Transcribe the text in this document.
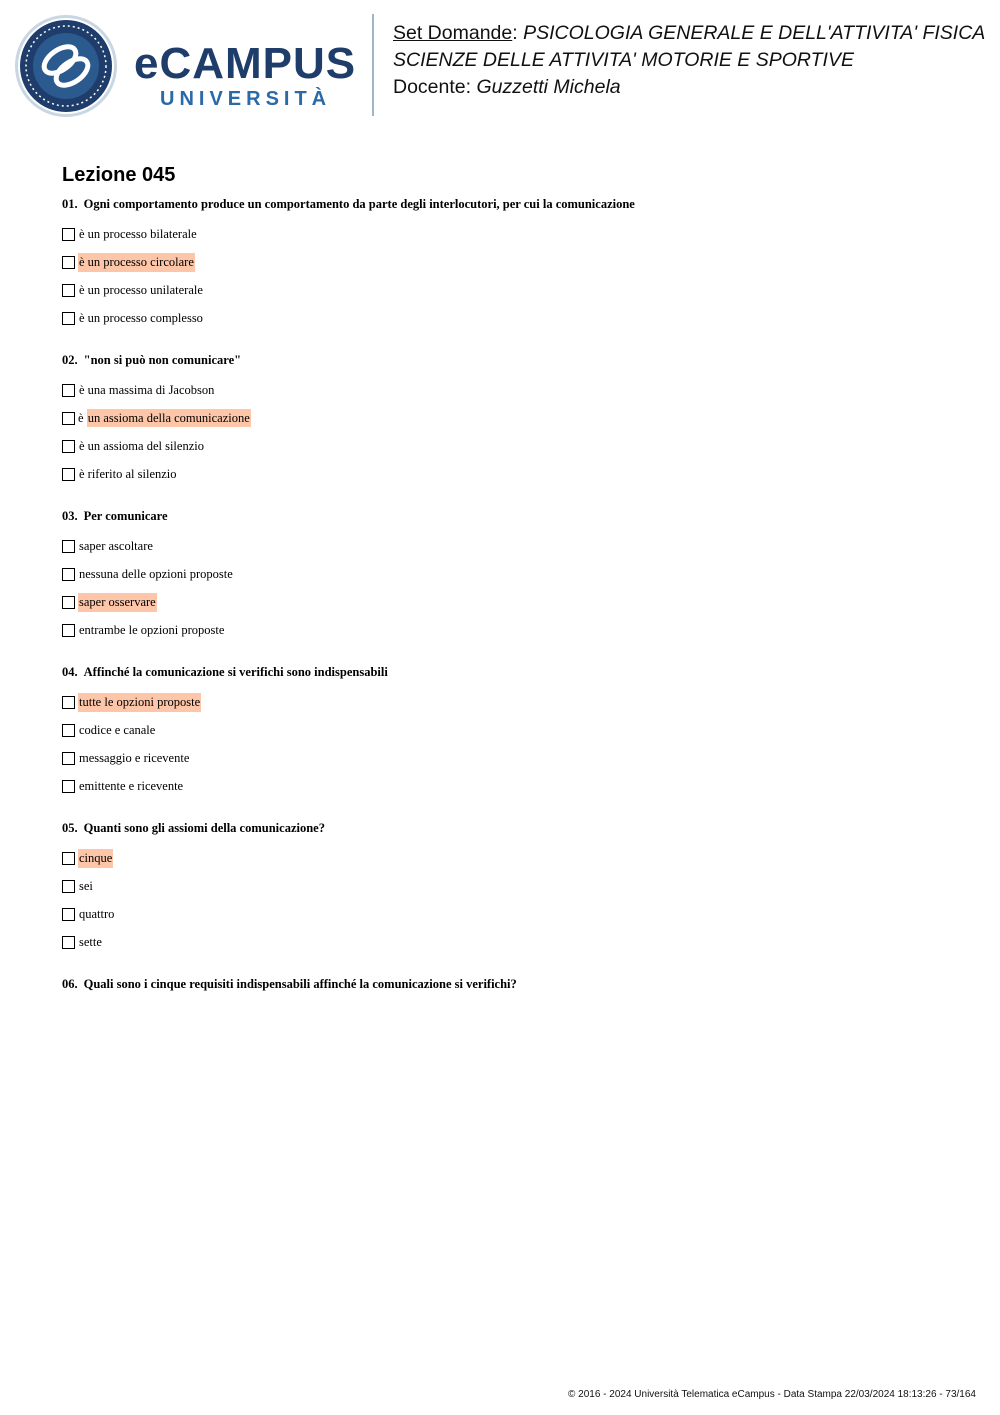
eCAMPUS
UNIVERSITÀ
Set Domande: PSICOLOGIA GENERALE E DELL'ATTIVITA' FISICA
SCIENZE DELLE ATTIVITA' MOTORIE E SPORTIVE
Docente: Guzzetti Michela
Lezione 045
01. Ogni comportamento produce un comportamento da parte degli interlocutori, per cui la comunicazione
è un processo bilaterale
è un processo circolare
è un processo unilaterale
è un processo complesso
02. "non si può non comunicare"
è una massima di Jacobson
è un assioma della comunicazione
è un assioma del silenzio
è riferito al silenzio
03. Per comunicare
saper ascoltare
nessuna delle opzioni proposte
saper osservare
entrambe le opzioni proposte
04. Affinché la comunicazione si verifichi sono indispensabili
tutte le opzioni proposte
codice e canale
messaggio e ricevente
emittente e ricevente
05. Quanti sono gli assiomi della comunicazione?
cinque
sei
quattro
sette
06. Quali sono i cinque requisiti indispensabili affinché la comunicazione si verifichi?
© 2016 - 2024 Università Telematica eCampus - Data Stampa 22/03/2024 18:13:26 - 73/164
